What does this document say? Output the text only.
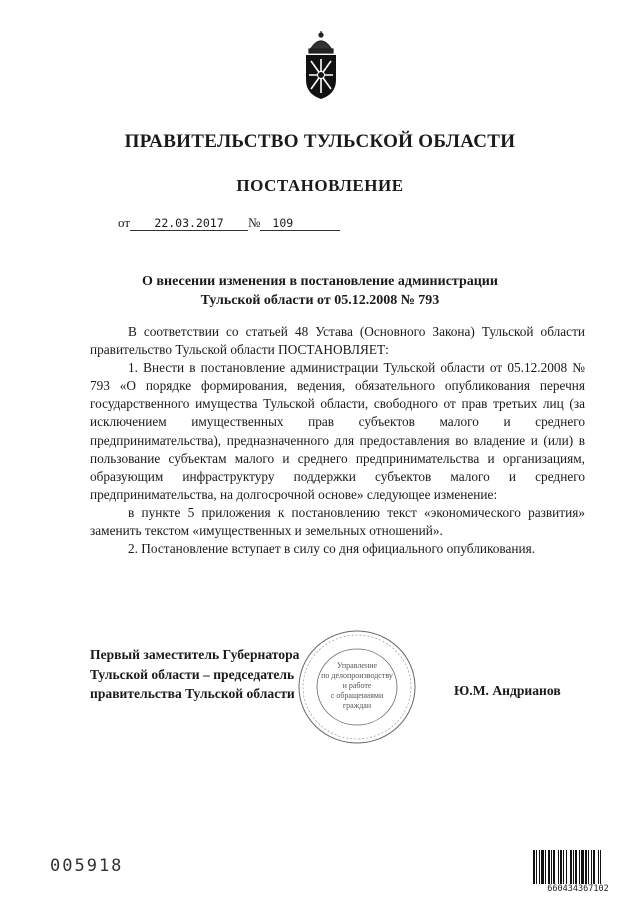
ПРАВИТЕЛЬСТВО ТУЛЬСКОЙ ОБЛАСТИ
ПОСТАНОВЛЕНИЕ
от 22.03.2017 № 109
О внесении изменения в постановление администрации
Тульской области от 05.12.2008 № 793

В соответствии со статьей 48 Устава (Основного Закона) Тульской области правительство Тульской области ПОСТАНОВЛЯЕТ:

1. Внести в постановление администрации Тульской области от 05.12.2008 № 793 «О порядке формирования, ведения, обязательного опубликования перечня государственного имущества Тульской области, свободного от прав третьих лиц (за исключением имущественных прав субъектов малого и среднего предпринимательства), предназначенного для предоставления во владение и (или) в пользование субъектам малого и среднего предпринимательства и организациям, образующим инфраструктуру поддержки субъектов малого и среднего предпринимательства, на долгосрочной основе» следующее изменение:

в пункте 5 приложения к постановлению текст «экономического развития» заменить текстом «имущественных и земельных отношений».

2. Постановление вступает в силу со дня официального опубликования.

Управление
по делопроизводству
и работе
с обращениями
граждан
Первый заместитель Губернатора
Тульской области – председатель
правительства Тульской области	Ю.М. Андрианов
005918
660434367102
